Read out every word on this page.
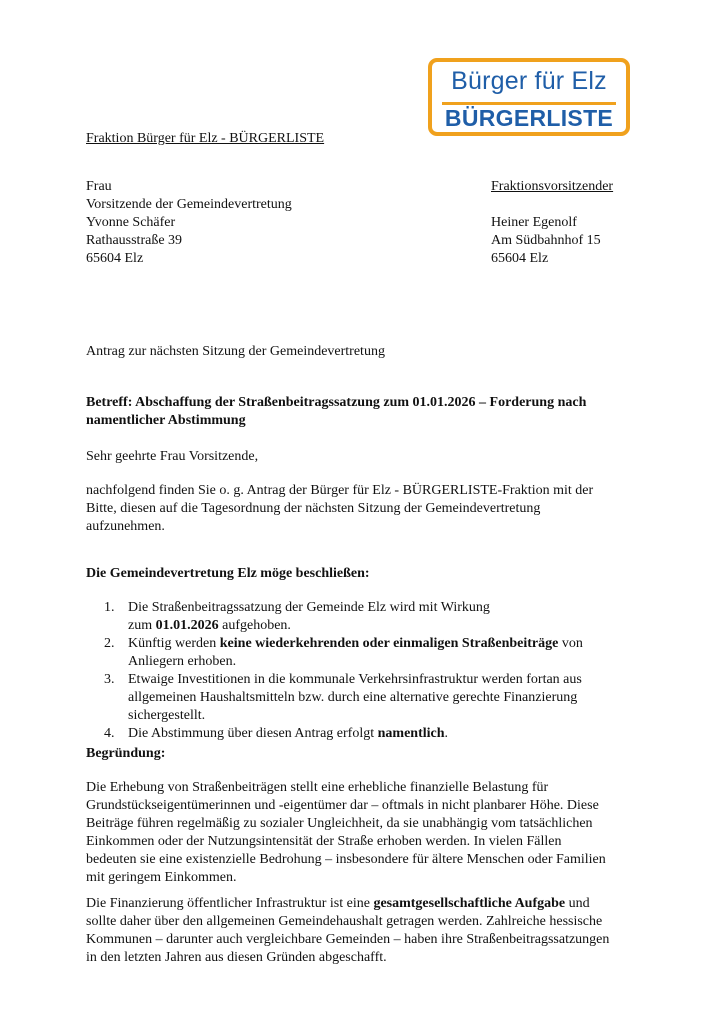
Bürger für Elz
BÜRGERLISTE
Fraktion Bürger für Elz - BÜRGERLISTE
Frau
Vorsitzende der Gemeindevertretung
Yvonne Schäfer
Rathausstraße 39
65604 Elz
Fraktionsvorsitzender
Heiner Egenolf
Am Südbahnhof 15
65604 Elz
Antrag zur nächsten Sitzung der Gemeindevertretung
Betreff: Abschaffung der Straßenbeitragssatzung zum 01.01.2026 – Forderung nach
namentlicher Abstimmung
Sehr geehrte Frau Vorsitzende,
nachfolgend finden Sie o. g. Antrag der Bürger für Elz - BÜRGERLISTE-Fraktion mit der
Bitte, diesen auf die Tagesordnung der nächsten Sitzung der Gemeindevertretung
aufzunehmen.
Die Gemeindevertretung Elz möge beschließen:
1. Die Straßenbeitragssatzung der Gemeinde Elz wird mit Wirkung
zum 01.01.2026 aufgehoben.
2. Künftig werden keine wiederkehrenden oder einmaligen Straßenbeiträge von
Anliegern erhoben.
3. Etwaige Investitionen in die kommunale Verkehrsinfrastruktur werden fortan aus
allgemeinen Haushaltsmitteln bzw. durch eine alternative gerechte Finanzierung
sichergestellt.
4. Die Abstimmung über diesen Antrag erfolgt namentlich.
Begründung:
Die Erhebung von Straßenbeiträgen stellt eine erhebliche finanzielle Belastung für
Grundstückseigentümerinnen und -eigentümer dar – oftmals in nicht planbarer Höhe. Diese
Beiträge führen regelmäßig zu sozialer Ungleichheit, da sie unabhängig vom tatsächlichen
Einkommen oder der Nutzungsintensität der Straße erhoben werden. In vielen Fällen
bedeuten sie eine existenzielle Bedrohung – insbesondere für ältere Menschen oder Familien
mit geringem Einkommen.
Die Finanzierung öffentlicher Infrastruktur ist eine gesamtgesellschaftliche Aufgabe und
sollte daher über den allgemeinen Gemeindehaushalt getragen werden. Zahlreiche hessische
Kommunen – darunter auch vergleichbare Gemeinden – haben ihre Straßenbeitragssatzungen
in den letzten Jahren aus diesen Gründen abgeschafft.
